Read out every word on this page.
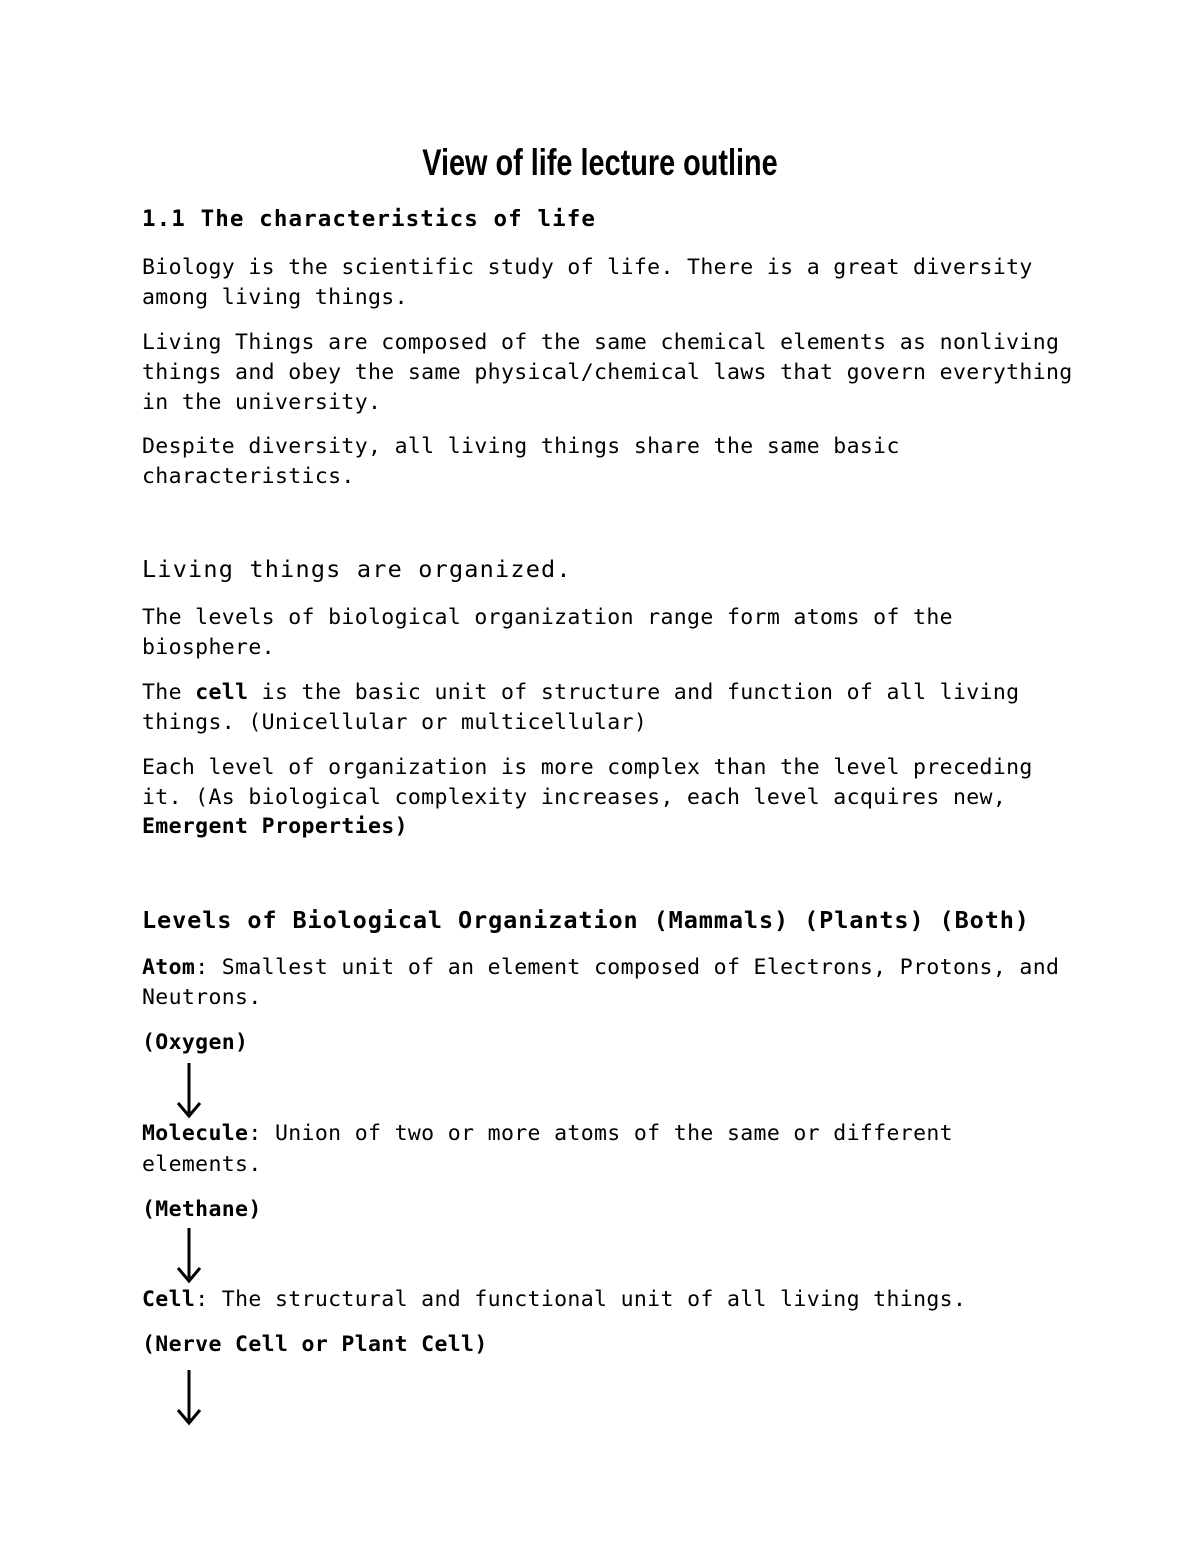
View of life lecture outline
1.1 The characteristics of life
Biology is the scientific study of life. There is a great diversity
among living things.
Living Things are composed of the same chemical elements as nonliving
things and obey the same physical/chemical laws that govern everything
in the university.
Despite diversity, all living things share the same basic
characteristics.
Living things are organized.
The levels of biological organization range form atoms of the
biosphere.
The cell is the basic unit of structure and function of all living
things. (Unicellular or multicellular)
Each level of organization is more complex than the level preceding
it. (As biological complexity increases, each level acquires new,
Emergent Properties)
Levels of Biological Organization (Mammals) (Plants) (Both)
Atom: Smallest unit of an element composed of Electrons, Protons, and
Neutrons.
(Oxygen)
Molecule: Union of two or more atoms of the same or different
elements.
(Methane)
Cell: The structural and functional unit of all living things.
(Nerve Cell or Plant Cell)
